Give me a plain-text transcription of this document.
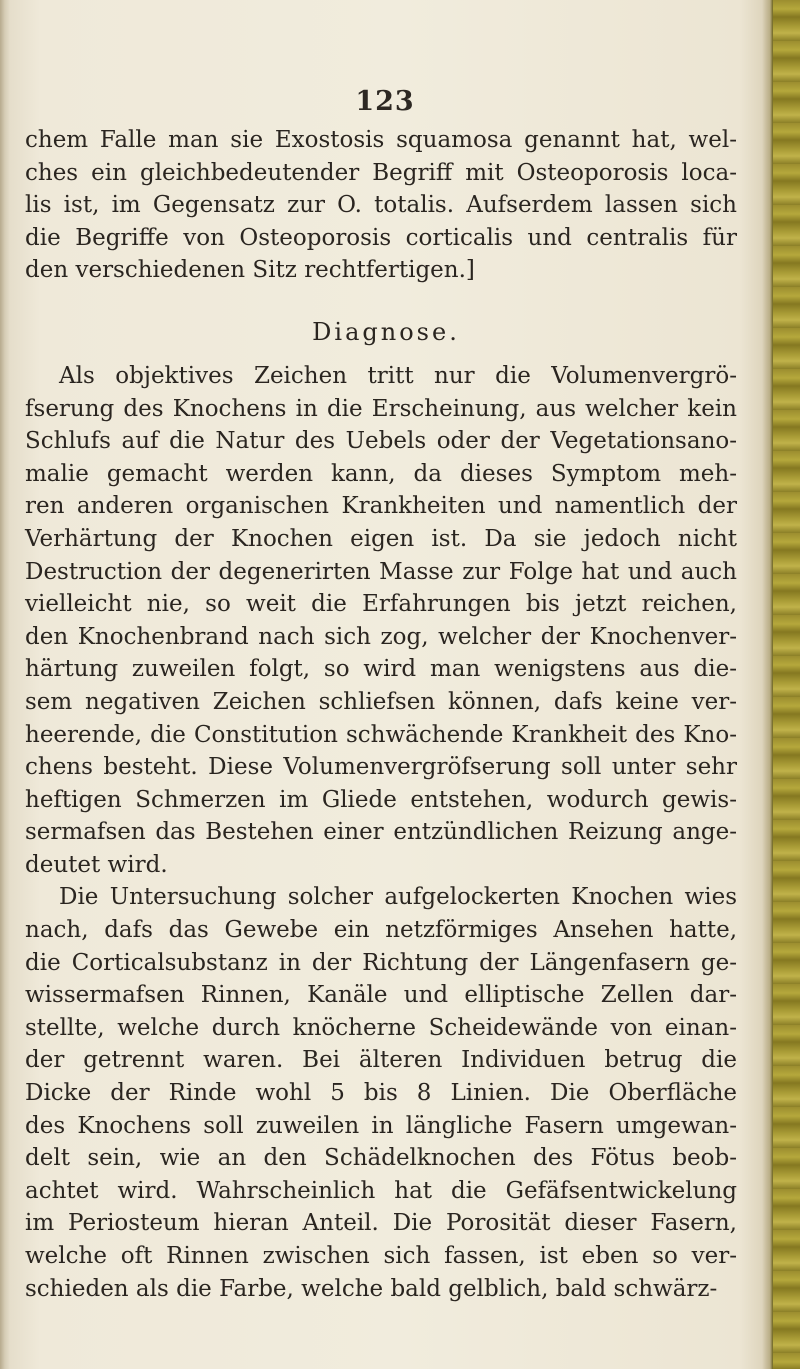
123
chem Falle man sie Exostosis squamosa genannt hat, wel-
ches ein gleichbedeutender Begriff mit Osteoporosis loca-
lis ist, im Gegensatz zur O. totalis. Aufserdem lassen sich
die Begriffe von Osteoporosis corticalis und centralis für
den verschiedenen Sitz rechtfertigen.]
Diagnose.
Als objektives Zeichen tritt nur die Volumenvergrö-
fserung des Knochens in die Erscheinung, aus welcher kein
Schlufs auf die Natur des Uebels oder der Vegetationsano-
malie gemacht werden kann, da dieses Symptom meh-
ren anderen organischen Krankheiten und namentlich der
Verhärtung der Knochen eigen ist. Da sie jedoch nicht
Destruction der degenerirten Masse zur Folge hat und auch
vielleicht nie, so weit die Erfahrungen bis jetzt reichen,
den Knochenbrand nach sich zog, welcher der Knochenver-
härtung zuweilen folgt, so wird man wenigstens aus die-
sem negativen Zeichen schliefsen können, dafs keine ver-
heerende, die Constitution schwächende Krankheit des Kno-
chens besteht. Diese Volumenvergröfserung soll unter sehr
heftigen Schmerzen im Gliede entstehen, wodurch gewis-
sermafsen das Bestehen einer entzündlichen Reizung ange-
deutet wird.
Die Untersuchung solcher aufgelockerten Knochen wies
nach, dafs das Gewebe ein netzförmiges Ansehen hatte,
die Corticalsubstanz in der Richtung der Längenfasern ge-
wissermafsen Rinnen, Kanäle und elliptische Zellen dar-
stellte, welche durch knöcherne Scheidewände von einan-
der getrennt waren. Bei älteren Individuen betrug die
Dicke der Rinde wohl 5 bis 8 Linien. Die Oberfläche
des Knochens soll zuweilen in längliche Fasern umgewan-
delt sein, wie an den Schädelknochen des Fötus beob-
achtet wird. Wahrscheinlich hat die Gefäfsentwickelung
im Periosteum hieran Anteil. Die Porosität dieser Fasern,
welche oft Rinnen zwischen sich fassen, ist eben so ver-
schieden als die Farbe, welche bald gelblich, bald schwärz-
